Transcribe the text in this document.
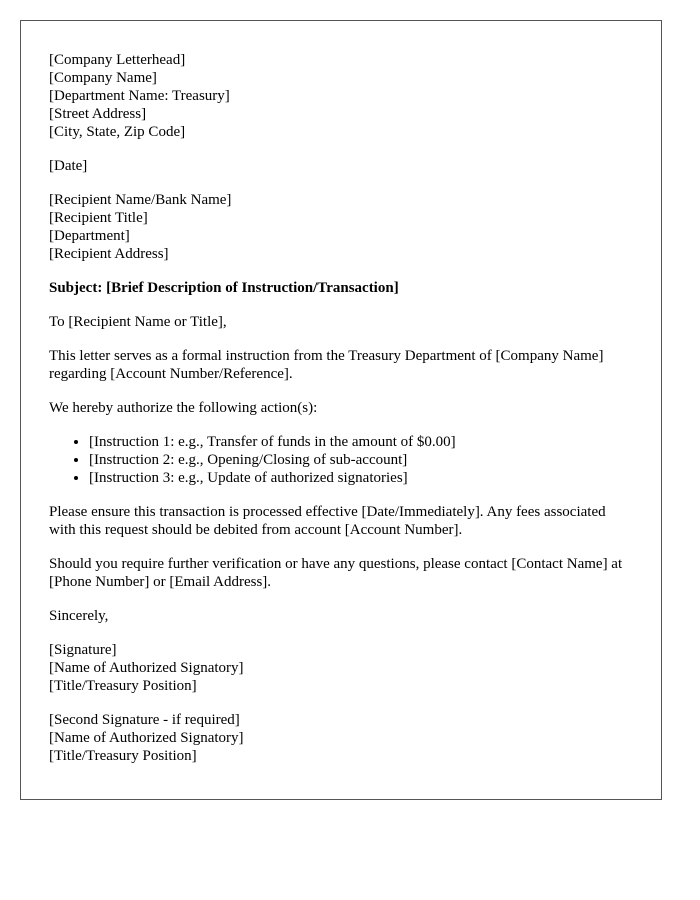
[Company Letterhead]
[Company Name]
[Department Name: Treasury]
[Street Address]
[City, State, Zip Code]
[Date]
[Recipient Name/Bank Name]
[Recipient Title]
[Department]
[Recipient Address]
Subject: [Brief Description of Instruction/Transaction]

To [Recipient Name or Title],

This letter serves as a formal instruction from the Treasury Department of [Company Name] regarding [Account Number/Reference].

We hereby authorize the following action(s):

• [Instruction 1: e.g., Transfer of funds in the amount of $0.00]
• [Instruction 2: e.g., Opening/Closing of sub-account]
• [Instruction 3: e.g., Update of authorized signatories]

Please ensure this transaction is processed effective [Date/Immediately]. Any fees associated with this request should be debited from account [Account Number].

Should you require further verification or have any questions, please contact [Contact Name] at [Phone Number] or [Email Address].

Sincerely,

[Signature]
[Name of Authorized Signatory]
[Title/Treasury Position]
[Second Signature - if required]
[Name of Authorized Signatory]
[Title/Treasury Position]
